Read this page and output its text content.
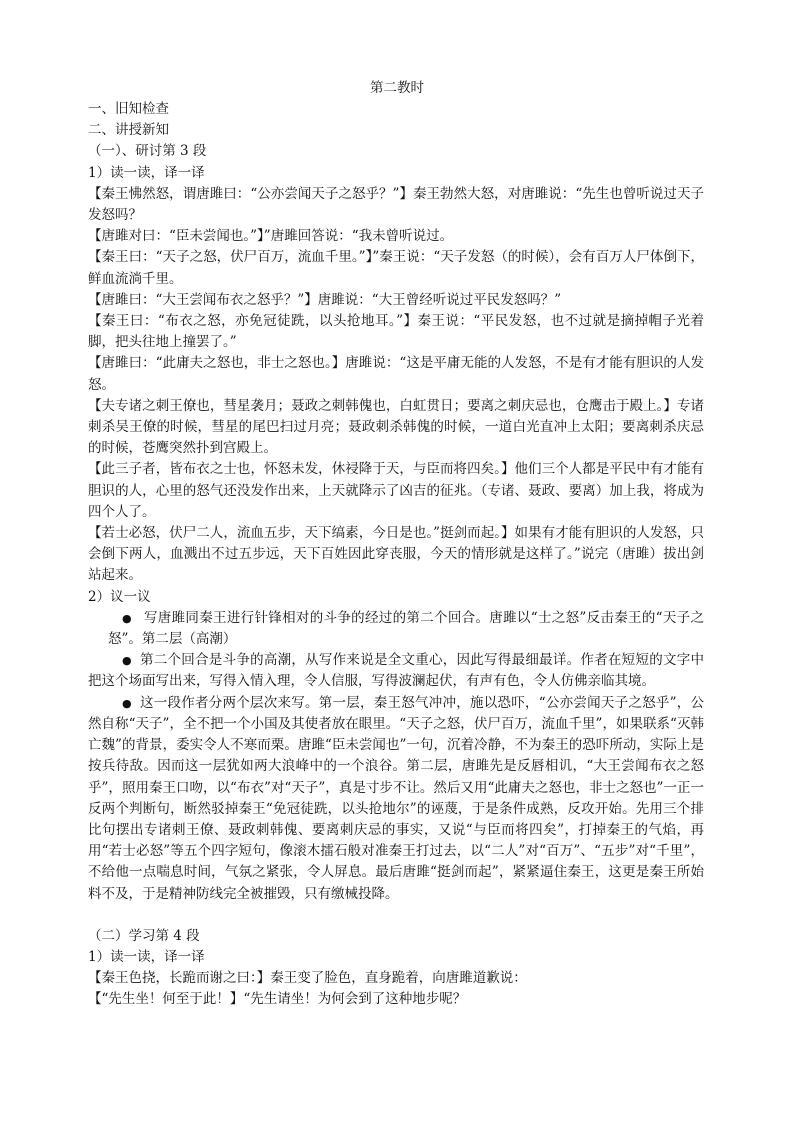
第二教时

一、旧知检查

二、讲授新知

（一）、研讨第 3 段

1）读一读，译一译

【秦王怫然怒，谓唐雎曰：“公亦尝闻天子之怒乎？”】秦王勃然大怒，对唐雎说：“先生也曾听说过天子发怒吗？

【唐雎对曰：“臣未尝闻也。”】”唐雎回答说：“我未曾听说过。

【秦王曰：“天子之怒，伏尸百万，流血千里。”】”秦王说：“天子发怒（的时候），会有百万人尸体倒下，鲜血流淌千里。

【唐雎曰：“大王尝闻布衣之怒乎？”】唐雎说：“大王曾经听说过平民发怒吗？”

【秦王曰：“布衣之怒，亦免冠徒跣，以头抢地耳。”】秦王说：“平民发怒，也不过就是摘掉帽子光着脚，把头往地上撞罢了。”

【唐雎曰：“此庸夫之怒也，非士之怒也。】唐雎说：“这是平庸无能的人发怒，不是有才能有胆识的人发怒。

【夫专诸之刺王僚也，彗星袭月；聂政之刺韩傀也，白虹贯日；要离之刺庆忌也，仓鹰击于殿上。】专诸刺杀吴王僚的时候，彗星的尾巴扫过月亮；聂政刺杀韩傀的时候，一道白光直冲上太阳；要离刺杀庆忌的时候，苍鹰突然扑到宫殿上。

【此三子者，皆布衣之士也，怀怒未发，休祲降于天，与臣而将四矣。】他们三个人都是平民中有才能有胆识的人，心里的怒气还没发作出来，上天就降示了凶吉的征兆。（专诸、聂政、要离）加上我，将成为四个人了。

【若士必怒，伏尸二人，流血五步，天下缟素，今日是也。”挺剑而起。】如果有才能有胆识的人发怒，只会倒下两人，血溅出不过五步远，天下百姓因此穿丧服，今天的情形就是这样了。”说完（唐雎）拔出剑站起来。

2）议一议

● 写唐雎同秦王进行针锋相对的斗争的经过的第二个回合。唐雎以“士之怒”反击秦王的“天子之怒”。第二层（高潮）

● 第二个回合是斗争的高潮，从写作来说是全文重心，因此写得最细最详。作者在短短的文字中把这个场面写出来，写得入情入理，令人信服，写得波澜起伏，有声有色，令人仿佛亲临其境。

● 这一段作者分两个层次来写。第一层，秦王怒气冲冲，施以恐吓，“公亦尝闻天子之怒乎”，公然自称“天子”，全不把一个小国及其使者放在眼里。“天子之怒，伏尸百万，流血千里”，如果联系“灭韩亡魏”的背景，委实令人不寒而栗。唐雎“臣未尝闻也”一句，沉着冷静，不为秦王的恐吓所动，实际上是按兵待敌。因而这一层犹如两大浪峰中的一个浪谷。第二层，唐雎先是反唇相讥，“大王尝闻布衣之怒乎”，照用秦王口吻，以“布衣”对“天子”，真是寸步不让。然后又用“此庸夫之怒也，非士之怒也”一正一反两个判断句，断然驳掉秦王“免冠徒跣，以头抢地尔”的诬蔑，于是条件成熟，反攻开始。先用三个排比句摆出专诸刺王僚、聂政刺韩傀、要离刺庆忌的事实，又说“与臣而将四矣”，打掉秦王的气焰，再用“若士必怒”等五个四字短句，像滚木擂石般对准秦王打过去，以“二人”对“百万”、“五步”对“千里”，不给他一点喘息时间，气氛之紧张，令人屏息。最后唐雎“挺剑而起”，紧紧逼住秦王，这更是秦王所始料不及，于是精神防线完全被摧毁，只有缴械投降。

（二）学习第 4 段

1）读一读，译一译

【秦王色挠，长跪而谢之曰：】秦王变了脸色，直身跪着，向唐雎道歉说：

【“先生坐！何至于此！】“先生请坐！为何会到了这种地步呢？
